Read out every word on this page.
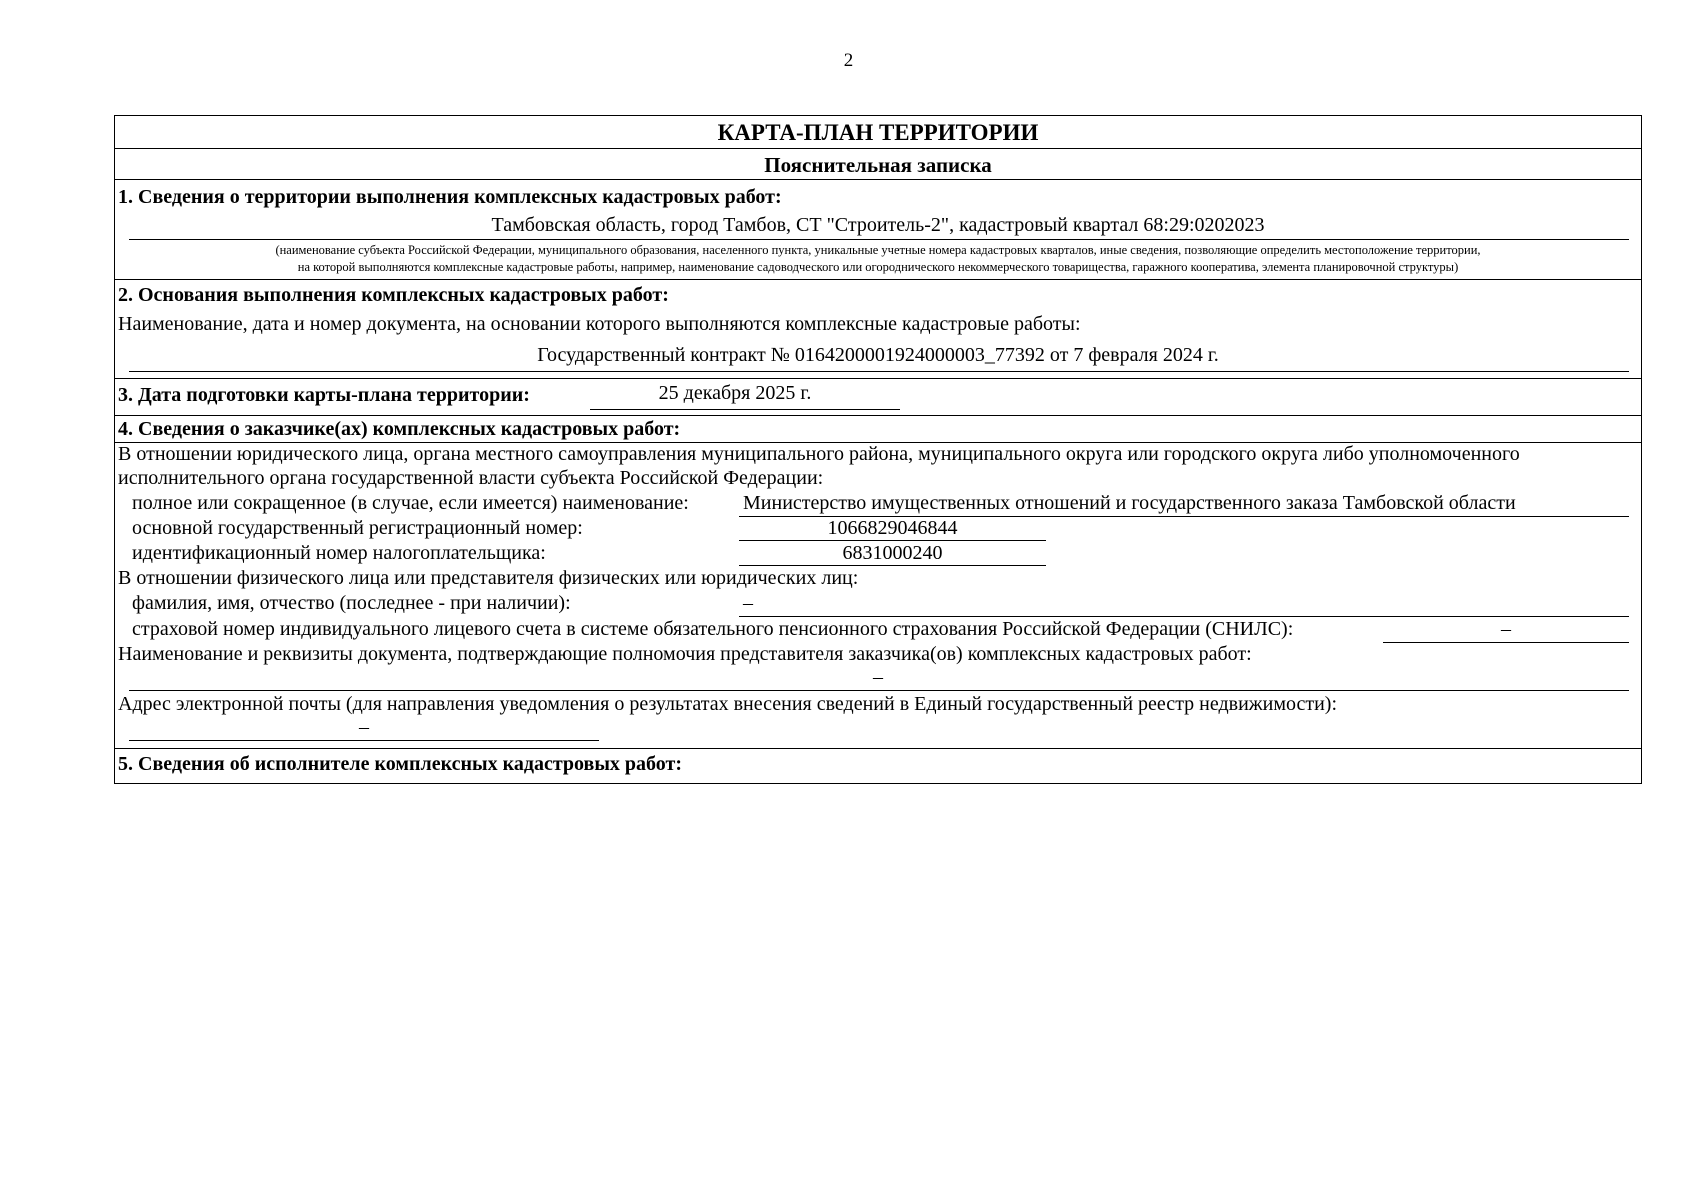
2
КАРТА-ПЛАН ТЕРРИТОРИИ
Пояснительная записка
1. Сведения о территории выполнения комплексных кадастровых работ:
Тамбовская область, город Тамбов, СТ "Строитель-2", кадастровый квартал 68:29:0202023
(наименование субъекта Российской Федерации, муниципального образования, населенного пункта, уникальные учетные номера кадастровых кварталов, иные сведения, позволяющие определить местоположение территории,
на которой выполняются комплексные кадастровые работы, например, наименование садоводческого или огороднического некоммерческого товарищества, гаражного кооператива, элемента планировочной структуры)
2. Основания выполнения комплексных кадастровых работ:
Наименование, дата и номер документа, на основании которого выполняются комплексные кадастровые работы:
Государственный контракт № 0164200001924000003_77392 от 7 февраля 2024 г.
3. Дата подготовки карты-плана территории:	25 декабря 2025 г.
4. Сведения о заказчике(ах) комплексных кадастровых работ:
В отношении юридического лица, органа местного самоуправления муниципального района, муниципального округа или городского округа либо уполномоченного
исполнительного органа государственной власти субъекта Российской Федерации:
полное или сокращенное (в случае, если имеется) наименование:	Министерство имущественных отношений и государственного заказа Тамбовской области
основной государственный регистрационный номер:	1066829046844
идентификационный номер налогоплательщика:	6831000240
В отношении физического лица или представителя физических или юридических лиц:
фамилия, имя, отчество (последнее - при наличии):	–
страховой номер индивидуального лицевого счета в системе обязательного пенсионного страхования Российской Федерации (СНИЛС):	–
Наименование и реквизиты документа, подтверждающие полномочия представителя заказчика(ов) комплексных кадастровых работ:
–
Адрес электронной почты (для направления уведомления о результатах внесения сведений в Единый государственный реестр недвижимости):
–
5. Сведения об исполнителе комплексных кадастровых работ:
